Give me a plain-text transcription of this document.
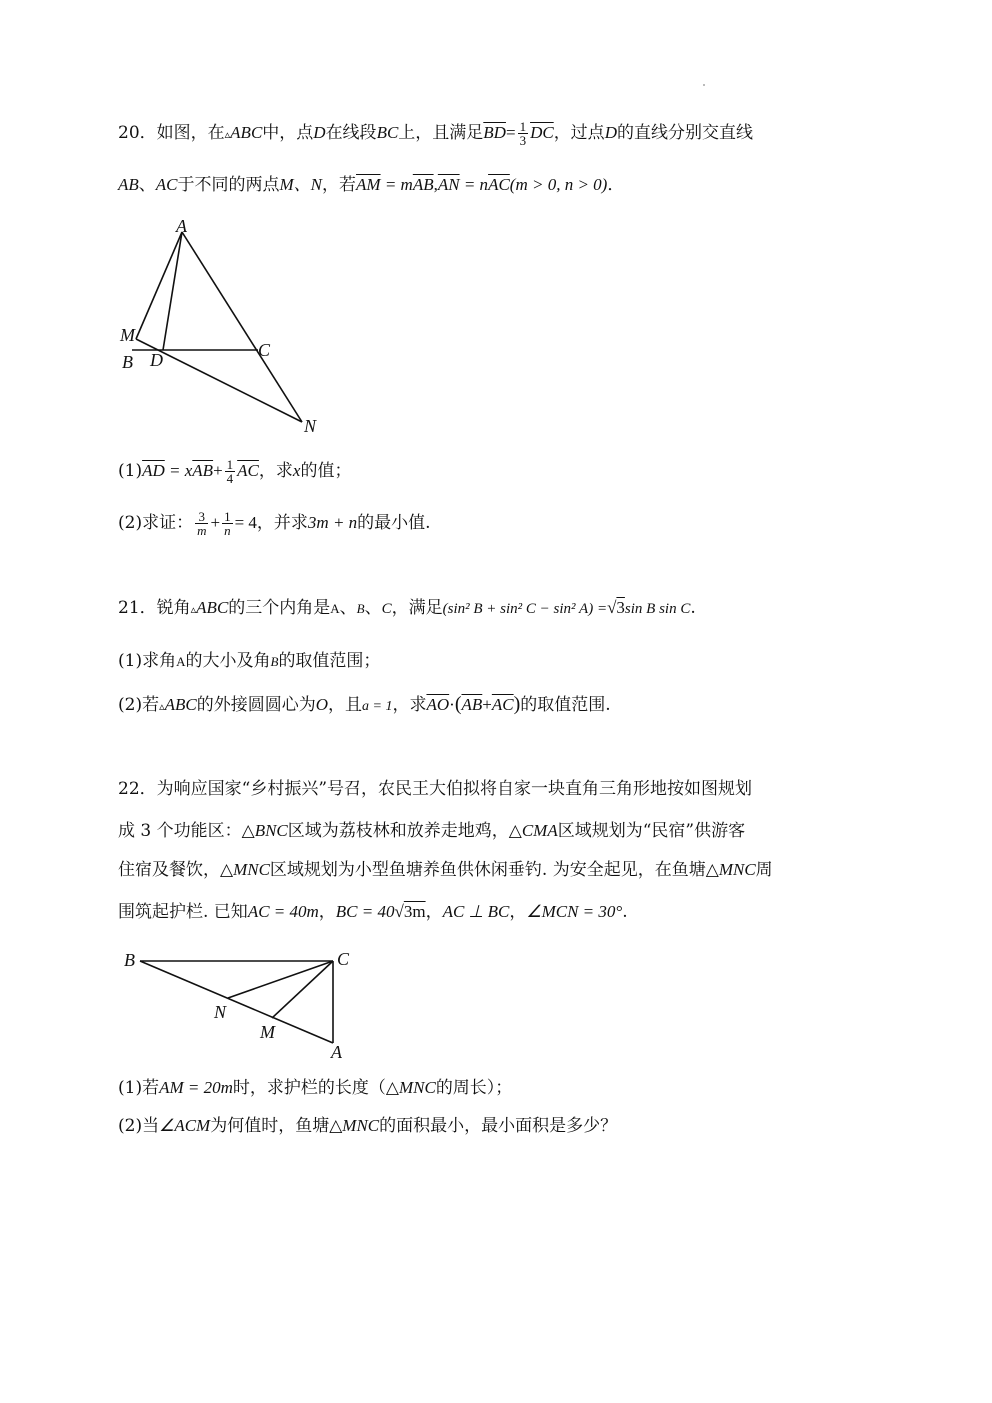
20．如图，在▵ABC中，点D在线段BC上，且满足$\overline{BD}= \frac{1}{3} \overline{DC}$，过点D的直线分别交直线
AB、AC于不同的两点M、N，若$\overline{AM} = m\overline{AB},\overline{AN} = n\overline{AC}(m > 0$, n > 0)．
A
M
B D	C
N
$(1)\overline{AD} = x\overline{AB}+ \frac{1}{4} \overline{AC}$，求x的值；
(2)求证： $\frac{3}{m} + \frac{1}{n} = 4$，并求3m + n的最小值.
21．锐角▵ABC的三个内角是A、B、C，满足(sin² B + sin² C − sin² A) =√3sin B sin C.
(1)求角A的大小及角B的取值范围；
(2)若▵ABC的外接圆圆心为O，且a = 1，求$\overline{AO}\cdot(\overline{AB}+\overline{AC})$的取值范围.
22．为响应国家“乡村振兴”号召，农民王大伯拟将自家一块直角三角形地按如图规划
成 3 个功能区：△BNC区域为荔枝林和放养走地鸡，△CMA区域规划为“民宿”供游客
住宿及餐饮，△MNC区域规划为小型鱼塘养鱼供休闲垂钓. 为安全起见，在鱼塘△MNC周
围筑起护栏. 已知AC = 40m，BC = 40√3m，AC ⊥ BC，∠MCN = 30°.
B	C
N
M
A
(1)若AM = 20m时，求护栏的长度（△MNC的周长）；
(2)当∠ACM为何值时，鱼塘△MNC的面积最小，最小面积是多少？
